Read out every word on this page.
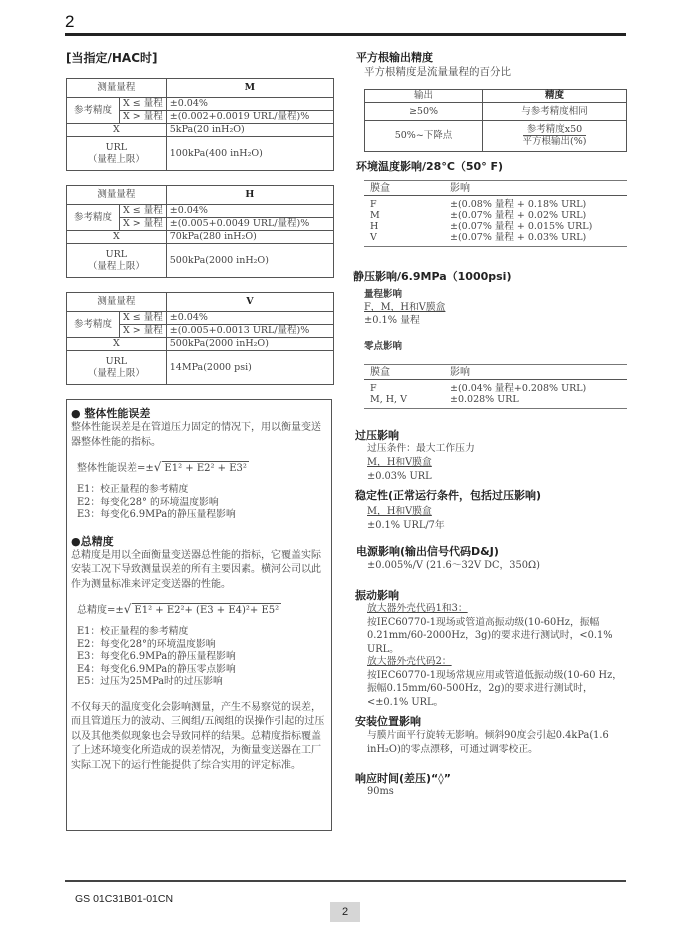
2
[当指定/HAC时]
测量量程		M
参考精度	X ≤ 量程	±0.04%
	X > 量程	±(0.002+0.0019 URL/量程)%
X		5kPa(20 inH₂O)

URL
（量程上限）		100kPa(400 inH₂O)
测量量程		H
参考精度	X ≤ 量程	±0.04%
	X > 量程	±(0.005+0.0049 URL/量程)%
X		70kPa(280 inH₂O)

URL
（量程上限）		500kPa(2000 inH₂O)
测量量程		V
参考精度	X ≤ 量程	±0.04%
	X > 量程	±(0.005+0.0013 URL/量程)%
X		500kPa(2000 inH₂O)

URL
（量程上限）		14MPa(2000 psi)
● 整体性能误差
整体性能误差是在管道压力固定的情况下，用以衡量变送器整体性能的指标。
整体性能误差=±√ E1² + E2² + E3²
E1：校正量程的参考精度
E2：每变化28° 的环境温度影响
E3：每变化6.9MPa的静压量程影响
●总精度
总精度是用以全面衡量变送器总性能的指标，它覆盖实际安装工况下导致测量误差的所有主要因素。横河公司以此作为测量标准来评定变送器的性能。
总精度=±√ E1² + E2²+ (E3 + E4)²+ E5²
E1：校正量程的参考精度
E2：每变化28°的环境温度影响
E3：每变化6.9MPa的静压量程影响
E4：每变化6.9MPa的静压零点影响
E5：过压为25MPa时的过压影响
不仅每天的温度变化会影响测量，产生不易察觉的误差，而且管道压力的波动、三阀组/五阀组的误操作引起的过压以及其他类似现象也会导致同样的结果。总精度指标覆盖了上述环境变化所造成的误差情况，为衡量变送器在工厂实际工况下的运行性能提供了综合实用的评定标准。
平方根输出精度
平方根精度是流量量程的百分比
输出	精度
≥50%	与参考精度相同
50%~下降点	$\frac{\text{参考精度x50}}{\text{平方根输出(\%)}}$
环境温度影响/28°C（50° F)
膜盒	影响
F	±(0.08% 量程 + 0.18% URL)
M	±(0.07% 量程 + 0.02% URL)
H	±(0.07% 量程 + 0.015% URL)
V	±(0.07% 量程 + 0.03% URL)

静压影响/6.9MPa（1000psi)
量程影响
F，M，H和V膜盒
±0.1% 量程
零点影响
膜盒	影响
F	±(0.04% 量程+0.208% URL)
M, H, V	±0.028% URL

过压影响
过压条件：最大工作压力
M，H和V膜盒
±0.03% URL
稳定性(正常运行条件，包括过压影响)
M，H和V膜盒
±0.1% URL/7年
电源影响(输出信号代码D&J)
±0.005%/V (21.6～32V DC，350Ω)
振动影响
放大器外壳代码1和3：
按IEC60770-1现场或管道高振动级(10-60Hz，振幅0.21mm/60-2000Hz，3g)的要求进行测试时，<0.1% URL。
放大器外壳代码2：
按IEC60770-1现场常规应用或管道低振动级(10-60 Hz，振幅0.15mm/60-500Hz，2g)的要求进行测试时，<±0.1% URL。
安装位置影响
与膜片面平行旋转无影响。倾斜90度会引起0.4kPa(1.6 inH₂O)的零点漂移，可通过调零校正。
响应时间(差压)“◊”
90ms
GS 01C31B01-01CN
2
